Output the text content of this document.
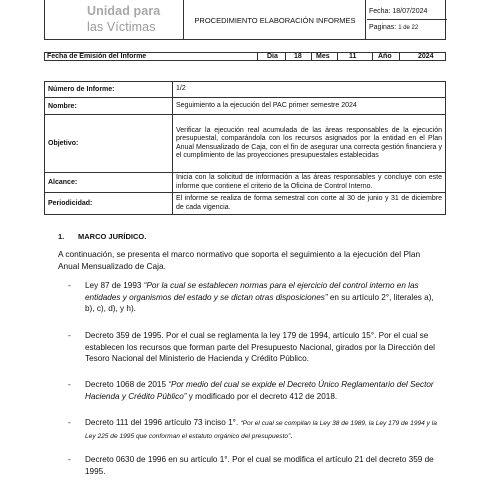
Unidad para
las Víctimas	PROCEDIMIENTO ELABORACIÓN INFORMES
Fecha: 18/07/2024
Paginas: 1 de 22
Fecha de Emisión del Informe	Día 18 Mes	11	Año	2024
Número de Informe:	1/2
Nombre:	Seguimiento a la ejecución del PAC primer semestre 2024
Objetivo:	Verificar la ejecución real acumulada de las áreas responsables de la ejecución presupuestal, comparándola con los recursos asignados por la entidad en el Plan Anual Mensualizado de Caja, con el fin de asegurar una correcta gestión financiera y el cumplimiento de las proyecciones presupuestales establecidas
Alcance:	Inicia con la solicitud de información a las áreas responsables y concluye con este informe que contiene el criterio de la Oficina de Control Interno.
Periodicidad:	El informe se realiza de forma semestral con corte al 30 de junio y 31 de diciembre de cada vigencia.
1. MARCO JURÍDICO.
A continuación, se presenta el marco normativo que soporta el seguimiento a la ejecución del Plan Anual Mensualizado de Caja.
- Ley 87 de 1993 “Por la cual se establecen normas para el ejercicio del control interno en las entidades y organismos del estado y se dictan otras disposiciones” en su artículo 2°, literales a), b), c), d), y h).
- Decreto 359 de 1995. Por el cual se reglamenta la ley 179 de 1994, artículo 15°. Por el cual se establecen los recursos que forman parte del Presupuesto Nacional, girados por la Dirección del Tesoro Nacional del Ministerio de Hacienda y Crédito Público.
- Decreto 1068 de 2015 “Por medio del cual se expide el Decreto Único Reglamentario del Sector Hacienda y Crédito Público” y modificado por el decreto 412 de 2018.
- Decreto 111 del 1996 artículo 73 inciso 1°. “Por el cual se compilan la Ley 38 de 1989, la Ley 179 de 1994 y la Ley 225 de 1995 que conforman el estatuto orgánico del presupuesto”.
- Decreto 0630 de 1996 en su artículo 1°. Por el cual se modifica el artículo 21 del decreto 359 de 1995.
